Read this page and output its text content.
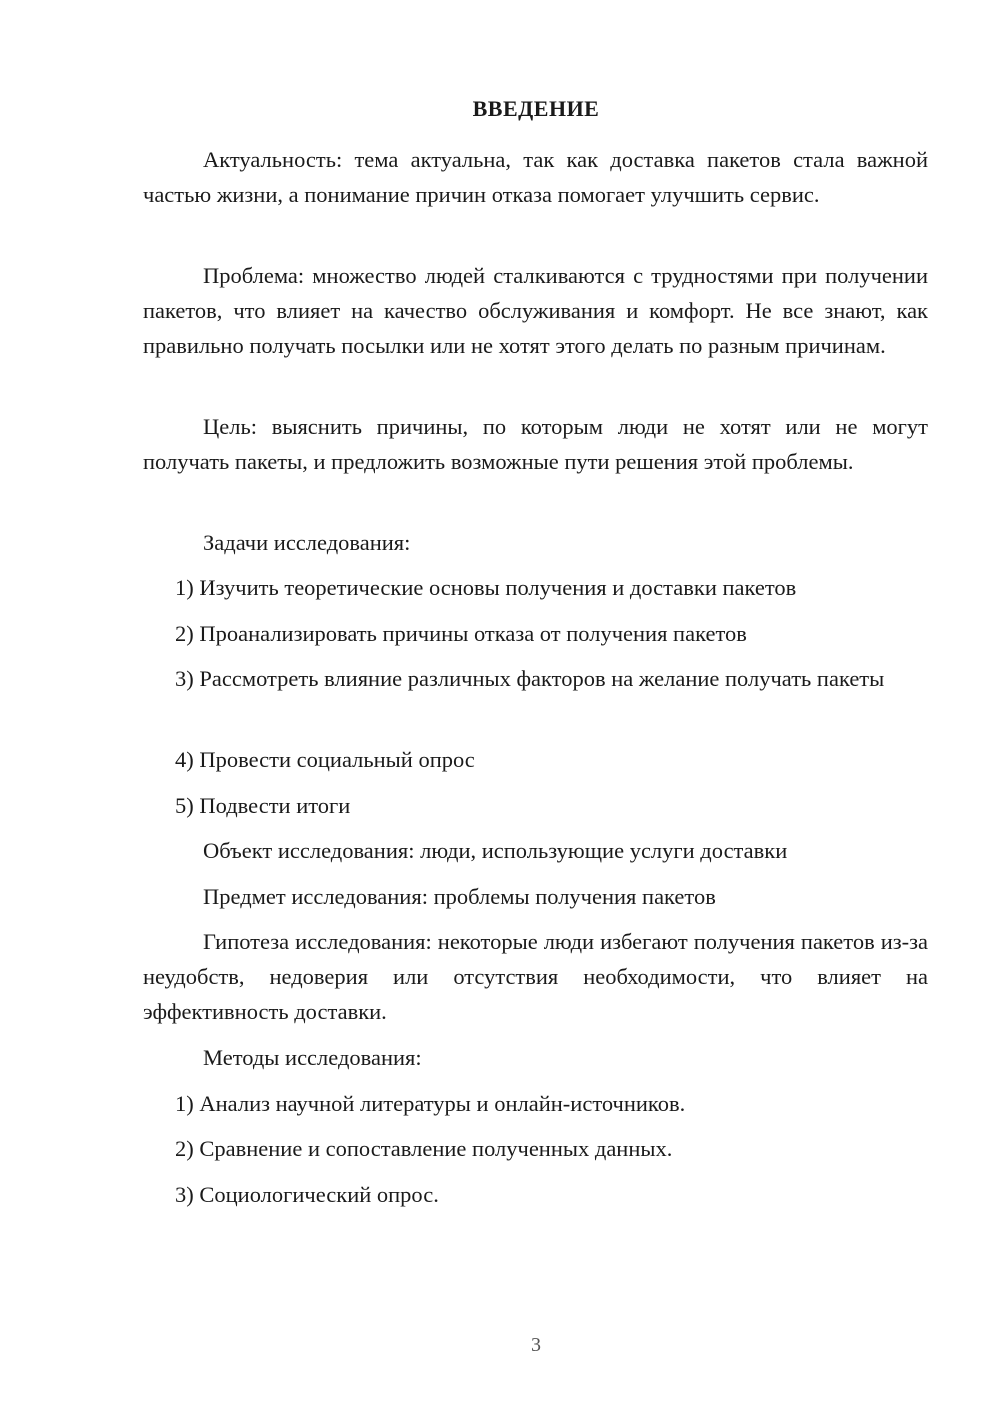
ВВЕДЕНИЕ

Актуальность: тема актуальна, так как доставка пакетов стала важной частью жизни, а понимание причин отказа помогает улучшить сервис.

Проблема: множество людей сталкиваются с трудностями при получении пакетов, что влияет на качество обслуживания и комфорт. Не все знают, как правильно получать посылки или не хотят этого делать по разным причинам.

Цель: выяснить причины, по которым люди не хотят или не могут получать пакеты, и предложить возможные пути решения этой проблемы.

Задачи исследования:

1) Изучить теоретические основы получения и доставки пакетов

2) Проанализировать причины отказа от получения пакетов

3) Рассмотреть влияние различных факторов на желание получать пакеты

4) Провести социальный опрос

5) Подвести итоги

Объект исследования: люди, использующие услуги доставки
Предмет исследования: проблемы получения пакетов

Гипотеза исследования: некоторые люди избегают получения пакетов из-за неудобств, недоверия или отсутствия необходимости, что влияет на эффективность доставки.

Методы исследования:

1) Анализ научной литературы и онлайн-источников.

2) Сравнение и сопоставление полученных данных.

3) Социологический опрос.

3
